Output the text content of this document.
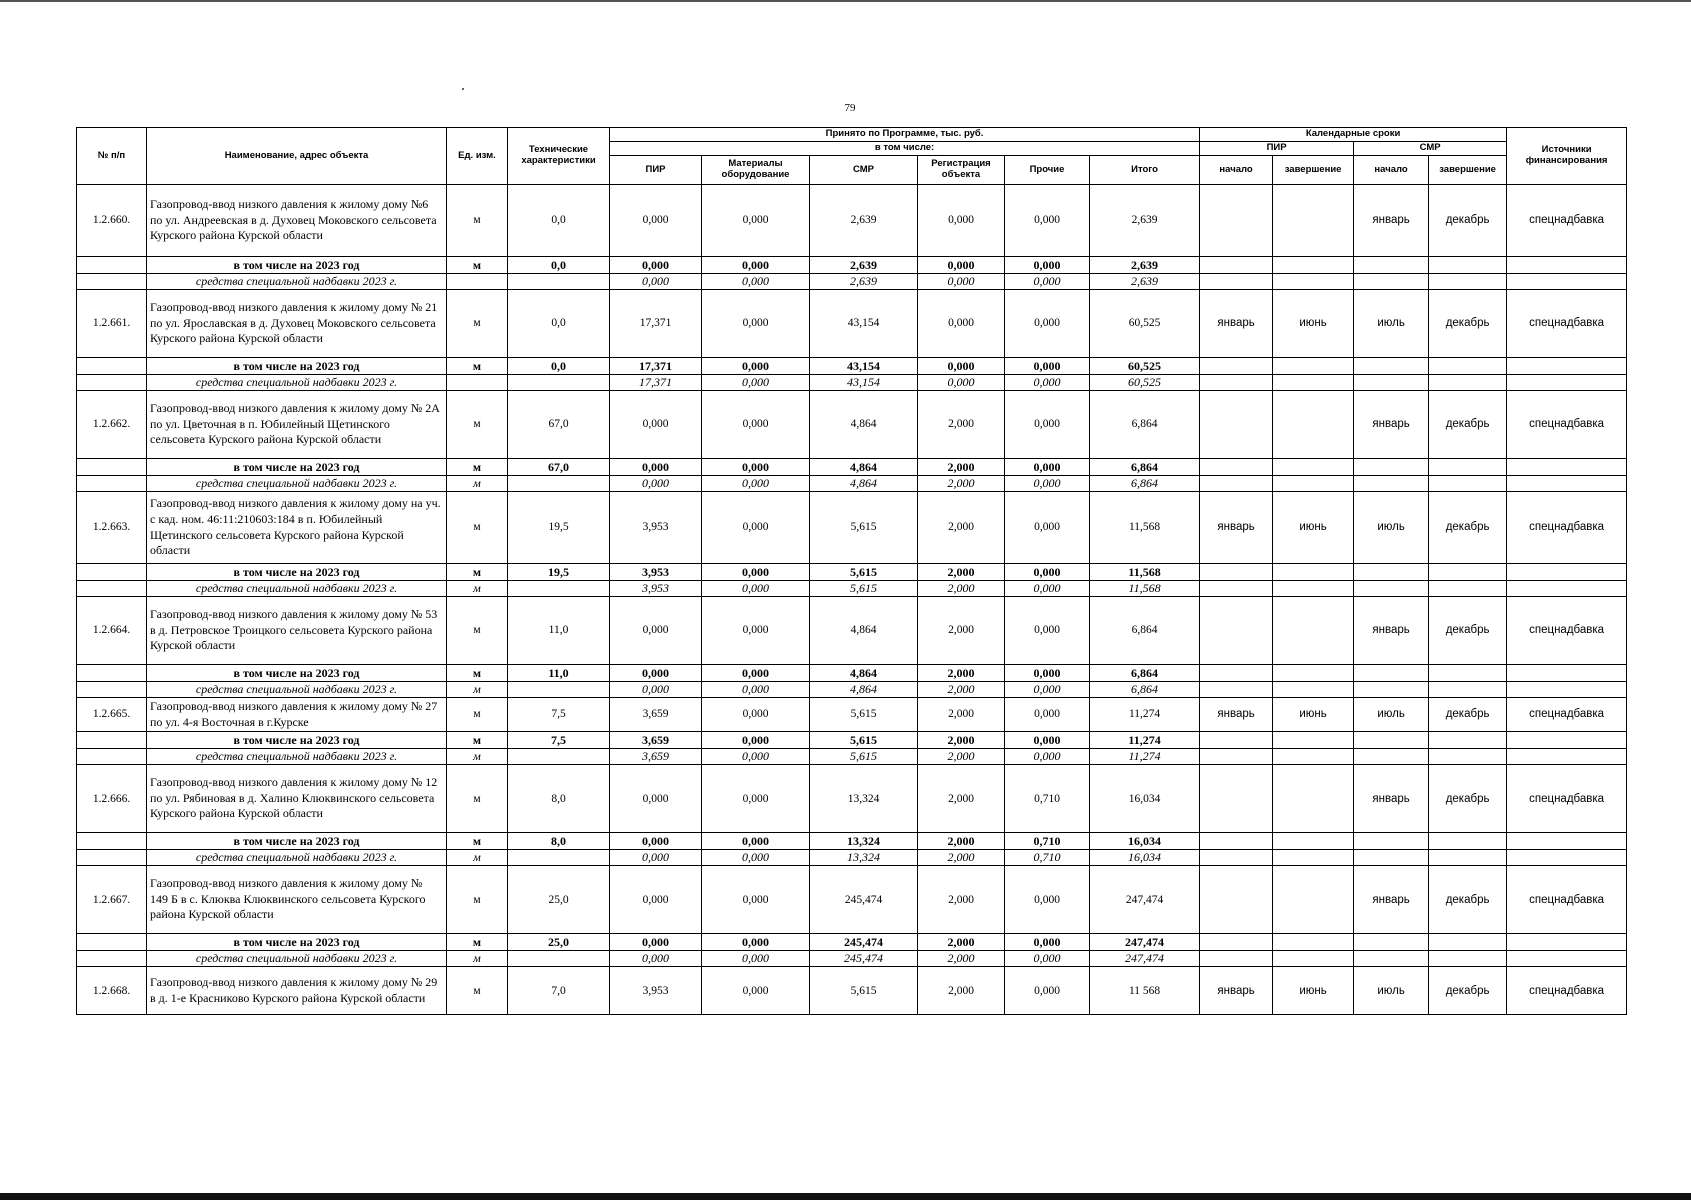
79
№ п/п	Наименование, адрес объекта	Ед. изм.	Технические характеристики	Принято по Программе, тыс. руб.						Календарные сроки				Источники финансирования
				в том числе:						ПИР		СМР		
				ПИР	Материалы оборудование	СМР	Регистрация объекта	Прочие	Итого	начало	завершение	начало	завершение	
1.2.660.	Газопровод-ввод низкого давления к жилому дому №6 по ул. Андреевская в д. Духовец Моковского сельсовета Курского района Курской области	м	0,0	0,000	0,000	2,639	0,000	0,000	2,639			январь	декабрь	спецнадбавка
	в том числе на 2023 год	м	0,0	0,000	0,000	2,639	0,000	0,000	2,639					
	средства специальной надбавки 2023 г.			0,000	0,000	2,639	0,000	0,000	2,639					
1.2.661.	Газопровод-ввод низкого давления к жилому дому № 21 по ул. Ярославская в д. Духовец Моковского сельсовета Курского района Курской области	м	0,0	17,371	0,000	43,154	0,000	0,000	60,525	январь	июнь	июль	декабрь	спецнадбавка
	в том числе на 2023 год	м	0,0	17,371	0,000	43,154	0,000	0,000	60,525					
	средства специальной надбавки 2023 г.			17,371	0,000	43,154	0,000	0,000	60,525					
1.2.662.	Газопровод-ввод низкого давления к жилому дому № 2А по ул. Цветочная в п. Юбилейный Щетинского сельсовета Курского района Курской области	м	67,0	0,000	0,000	4,864	2,000	0,000	6,864			январь	декабрь	спецнадбавка
	в том числе на 2023 год	м	67,0	0,000	0,000	4,864	2,000	0,000	6,864					
	средства специальной надбавки 2023 г.	м		0,000	0,000	4,864	2,000	0,000	6,864					
1.2.663.	Газопровод-ввод низкого давления к жилому дому на уч. с кад. ном. 46:11:210603:184 в п. Юбилейный Щетинского сельсовета Курского района Курской области	м	19,5	3,953	0,000	5,615	2,000	0,000	11,568	январь	июнь	июль	декабрь	спецнадбавка
	в том числе на 2023 год	м	19,5	3,953	0,000	5,615	2,000	0,000	11,568					
	средства специальной надбавки 2023 г.	м		3,953	0,000	5,615	2,000	0,000	11,568					
1.2.664.	Газопровод-ввод низкого давления к жилому дому № 53 в д. Петровское Троицкого сельсовета Курского района Курской области	м	11,0	0,000	0,000	4,864	2,000	0,000	6,864			январь	декабрь	спецнадбавка
	в том числе на 2023 год	м	11,0	0,000	0,000	4,864	2,000	0,000	6,864					
	средства специальной надбавки 2023 г.	м		0,000	0,000	4,864	2,000	0,000	6,864					
1.2.665.	Газопровод-ввод низкого давления к жилому дому № 27 по ул. 4-я Восточная в г.Курске	м	7,5	3,659	0,000	5,615	2,000	0,000	11,274	январь	июнь	июль	декабрь	спецнадбавка
	в том числе на 2023 год	м	7,5	3,659	0,000	5,615	2,000	0,000	11,274					
	средства специальной надбавки 2023 г.	м		3,659	0,000	5,615	2,000	0,000	11,274					
1.2.666.	Газопровод-ввод низкого давления к жилому дому № 12 по ул. Рябиновая в д. Халино Клюквинского сельсовета Курского района Курской области	м	8,0	0,000	0,000	13,324	2,000	0,710	16,034			январь	декабрь	спецнадбавка
	в том числе на 2023 год	м	8,0	0,000	0,000	13,324	2,000	0,710	16,034					
	средства специальной надбавки 2023 г.	м		0,000	0,000	13,324	2,000	0,710	16,034					
1.2.667.	Газопровод-ввод низкого давления к жилому дому № 149 Б в с. Клюква Клюквинского сельсовета Курского района Курской области	м	25,0	0,000	0,000	245,474	2,000	0,000	247,474			январь	декабрь	спецнадбавка
	в том числе на 2023 год	м	25,0	0,000	0,000	245,474	2,000	0,000	247,474					
	средства специальной надбавки 2023 г.	м		0,000	0,000	245,474	2,000	0,000	247,474					
1.2.668.	Газопровод-ввод низкого давления к жилому дому № 29 в д. 1-е Красниково Курского района Курской области	м	7,0	3,953	0,000	5,615	2,000	0,000	11 568	январь	июнь	июль	декабрь	спецнадбавка
